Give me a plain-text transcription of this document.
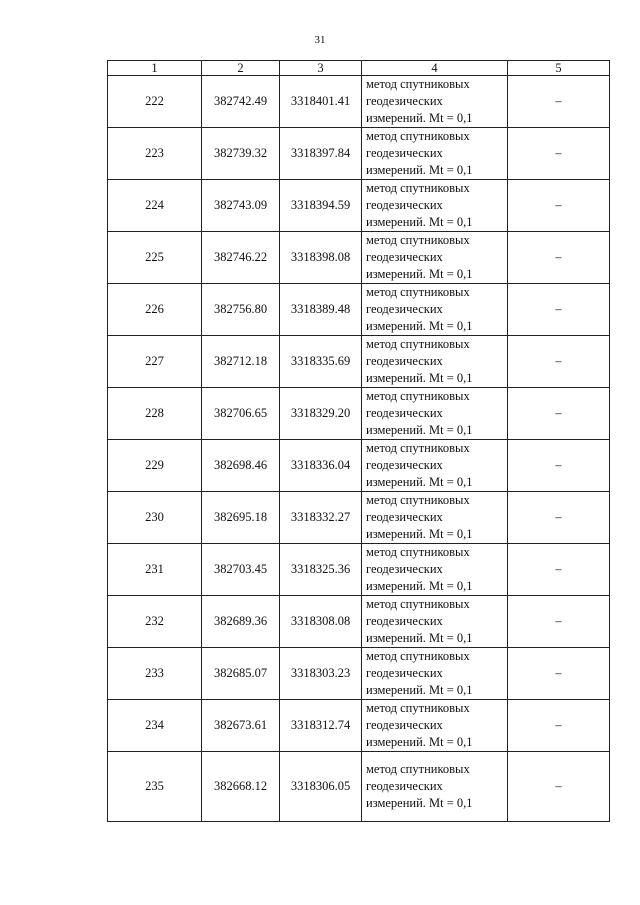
31
1	2	3	4	5
222	382742.49	3318401.41	метод спутниковых
геодезических
измерений. Mt = 0,1	–
223	382739.32	3318397.84	метод спутниковых
геодезических
измерений. Mt = 0,1	–
224	382743.09	3318394.59	метод спутниковых
геодезических
измерений. Mt = 0,1	–
225	382746.22	3318398.08	метод спутниковых
геодезических
измерений. Mt = 0,1	–
226	382756.80	3318389.48	метод спутниковых
геодезических
измерений. Mt = 0,1	–
227	382712.18	3318335.69	метод спутниковых
геодезических
измерений. Mt = 0,1	–
228	382706.65	3318329.20	метод спутниковых
геодезических
измерений. Mt = 0,1	–
229	382698.46	3318336.04	метод спутниковых
геодезических
измерений. Mt = 0,1	–
230	382695.18	3318332.27	метод спутниковых
геодезических
измерений. Mt = 0,1	–
231	382703.45	3318325.36	метод спутниковых
геодезических
измерений. Mt = 0,1	–
232	382689.36	3318308.08	метод спутниковых
геодезических
измерений. Mt = 0,1	–
233	382685.07	3318303.23	метод спутниковых
геодезических
измерений. Mt = 0,1	–
234	382673.61	3318312.74	метод спутниковых
геодезических
измерений. Mt = 0,1	–
235	382668.12	3318306.05	метод спутниковых
геодезических
измерений. Mt = 0,1	–
